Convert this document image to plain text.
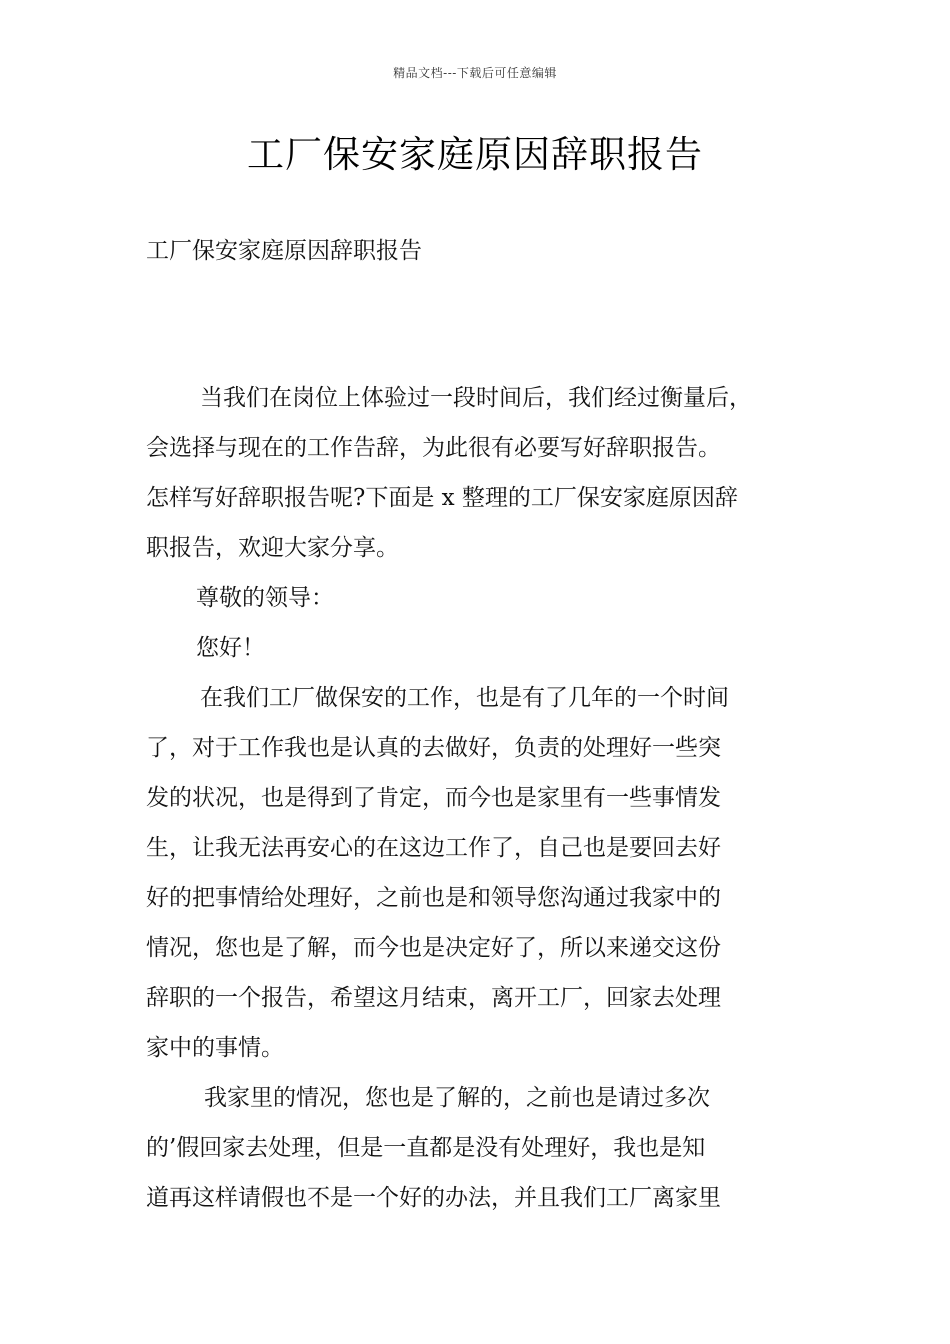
精品文档---下载后可任意编辑
工厂保安家庭原因辞职报告
工厂保安家庭原因辞职报告
当我们在岗位上体验过一段时间后，我们经过衡量后，
会选择与现在的工作告辞，为此很有必要写好辞职报告。
怎样写好辞职报告呢?下面是 x 整理的工厂保安家庭原因辞
职报告，欢迎大家分享。
尊敬的领导：
您好！
在我们工厂做保安的工作，也是有了几年的一个时间
了，对于工作我也是认真的去做好，负责的处理好一些突
发的状况，也是得到了肯定，而今也是家里有一些事情发
生，让我无法再安心的在这边工作了，自己也是要回去好
好的把事情给处理好，之前也是和领导您沟通过我家中的
情况，您也是了解，而今也是决定好了，所以来递交这份
辞职的一个报告，希望这月结束，离开工厂，回家去处理
家中的事情。
我家里的情况，您也是了解的，之前也是请过多次
的’假回家去处理，但是一直都是没有处理好，我也是知
道再这样请假也不是一个好的办法，并且我们工厂离家里
